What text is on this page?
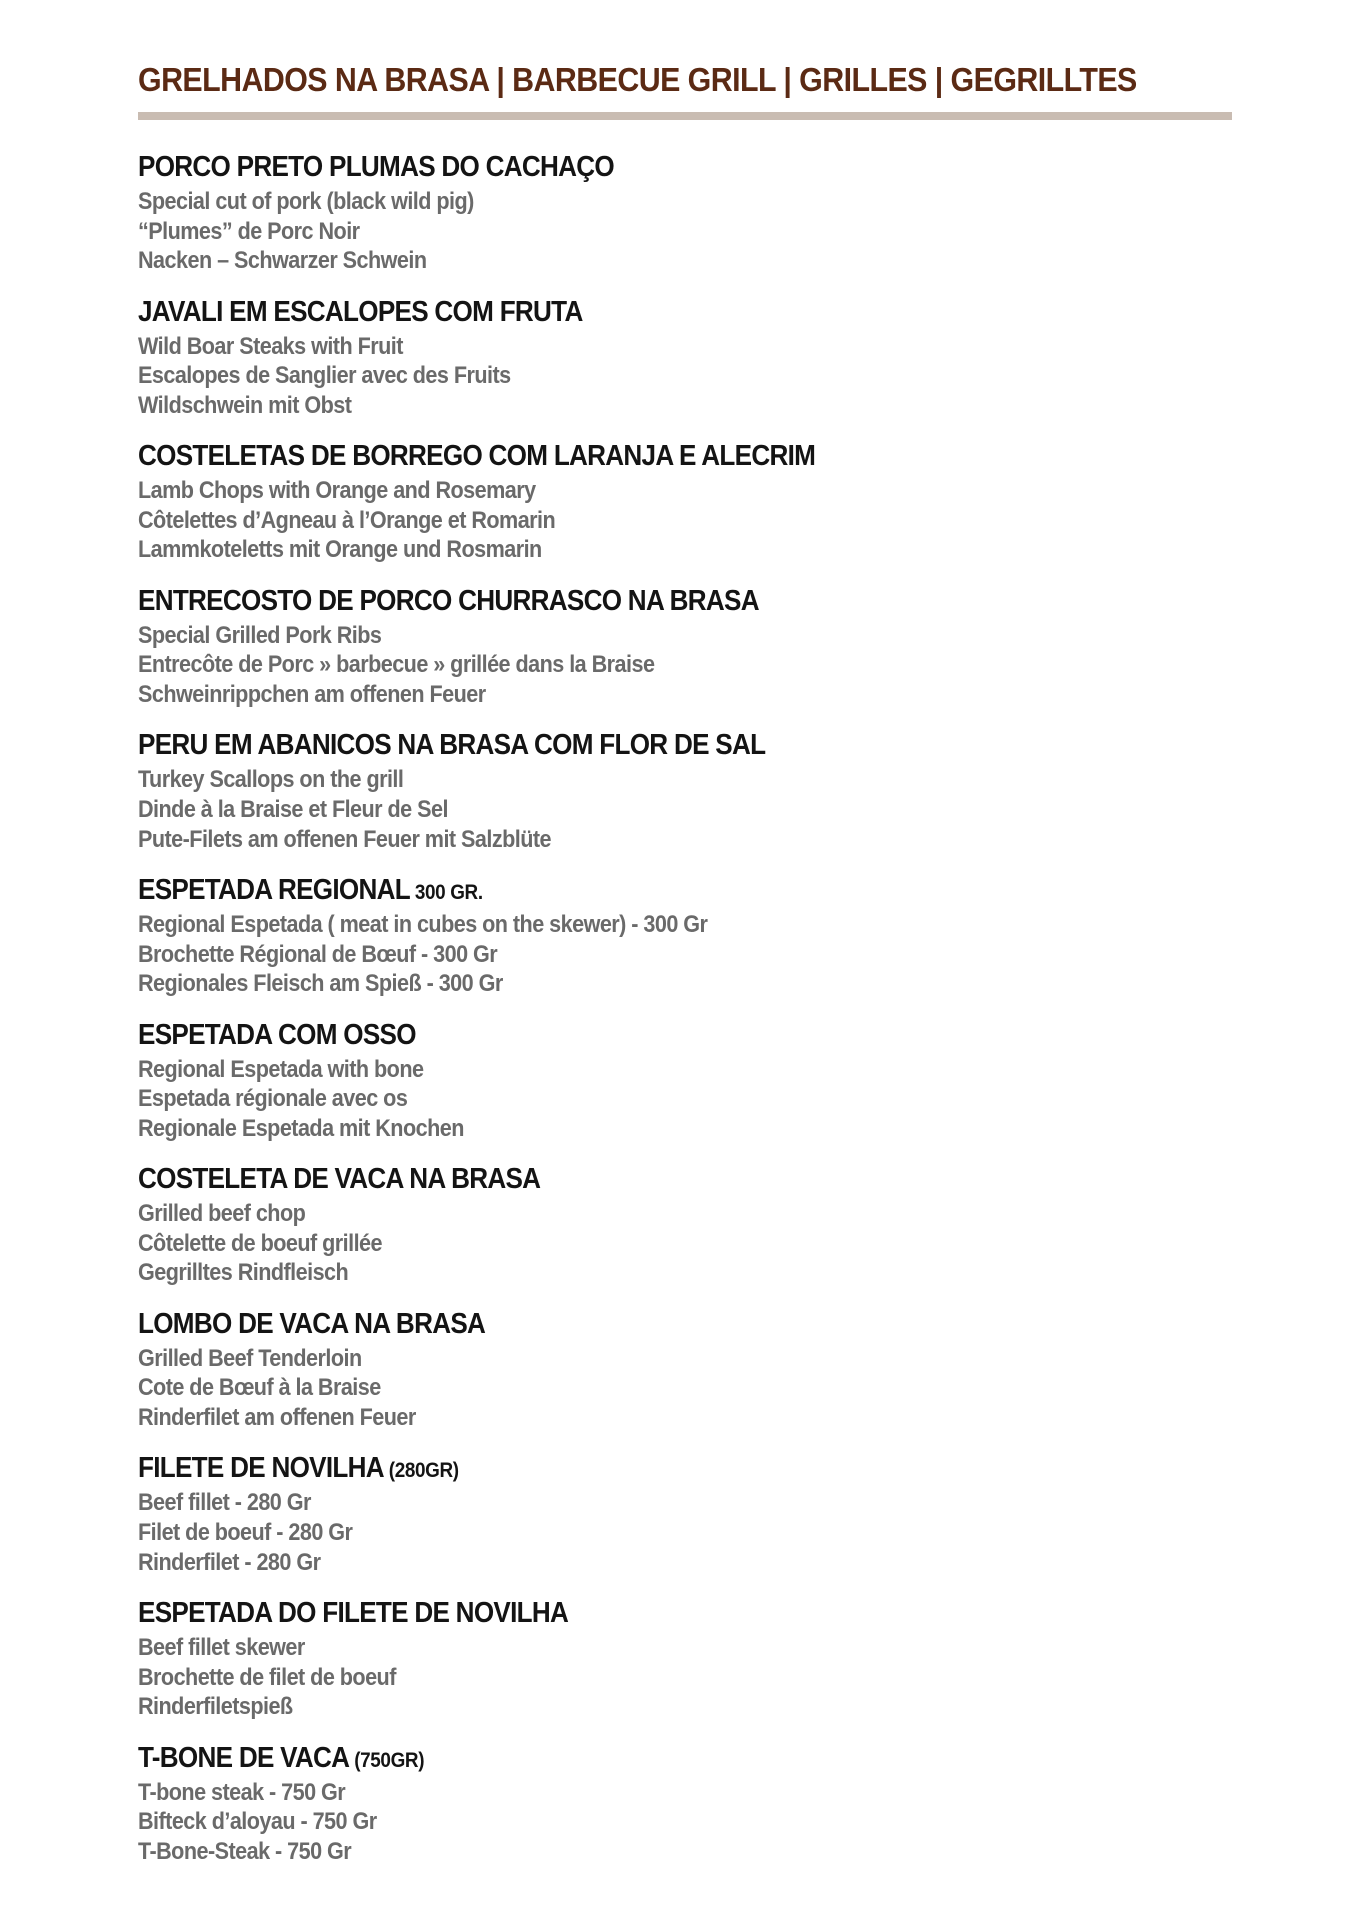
GRELHADOS NA BRASA | BARBECUE GRILL | GRILLES | GEGRILLTES

PORCO PRETO PLUMAS DO CACHAÇO

Special cut of pork (black wild pig)

“Plumes” de Porc Noir

Nacken – Schwarzer Schwein

JAVALI EM ESCALOPES COM FRUTA

Wild Boar Steaks with Fruit

Escalopes de Sanglier avec des Fruits

Wildschwein mit Obst

COSTELETAS DE BORREGO COM LARANJA E ALECRIM

Lamb Chops with Orange and Rosemary

Côtelettes d’Agneau à l’Orange et Romarin

Lammkoteletts mit Orange und Rosmarin

ENTRECOSTO DE PORCO CHURRASCO NA BRASA

Special Grilled Pork Ribs

Entrecôte de Porc » barbecue » grillée dans la Braise

Schweinrippchen am offenen Feuer

PERU EM ABANICOS NA BRASA COM FLOR DE SAL

Turkey Scallops on the grill

Dinde à la Braise et Fleur de Sel

Pute-Filets am offenen Feuer mit Salzblüte

ESPETADA REGIONAL 300 GR.

Regional Espetada ( meat in cubes on the skewer) - 300 Gr

Brochette Régional de Bœuf - 300 Gr

Regionales Fleisch am Spieß - 300 Gr

ESPETADA COM OSSO

Regional Espetada with bone

Espetada régionale avec os

Regionale Espetada mit Knochen

COSTELETA DE VACA NA BRASA

Grilled beef chop

Côtelette de boeuf grillée

Gegrilltes Rindfleisch

LOMBO DE VACA NA BRASA

Grilled Beef Tenderloin

Cote de Bœuf à la Braise

Rinderfilet am offenen Feuer

FILETE DE NOVILHA (280GR)

Beef fillet - 280 Gr

Filet de boeuf - 280 Gr

Rinderfilet - 280 Gr

ESPETADA DO FILETE DE NOVILHA

Beef fillet skewer

Brochette de filet de boeuf

Rinderfiletspieß

T-BONE DE VACA (750GR)

T-bone steak - 750 Gr

Bifteck d’aloyau - 750 Gr

T-Bone-Steak - 750 Gr
